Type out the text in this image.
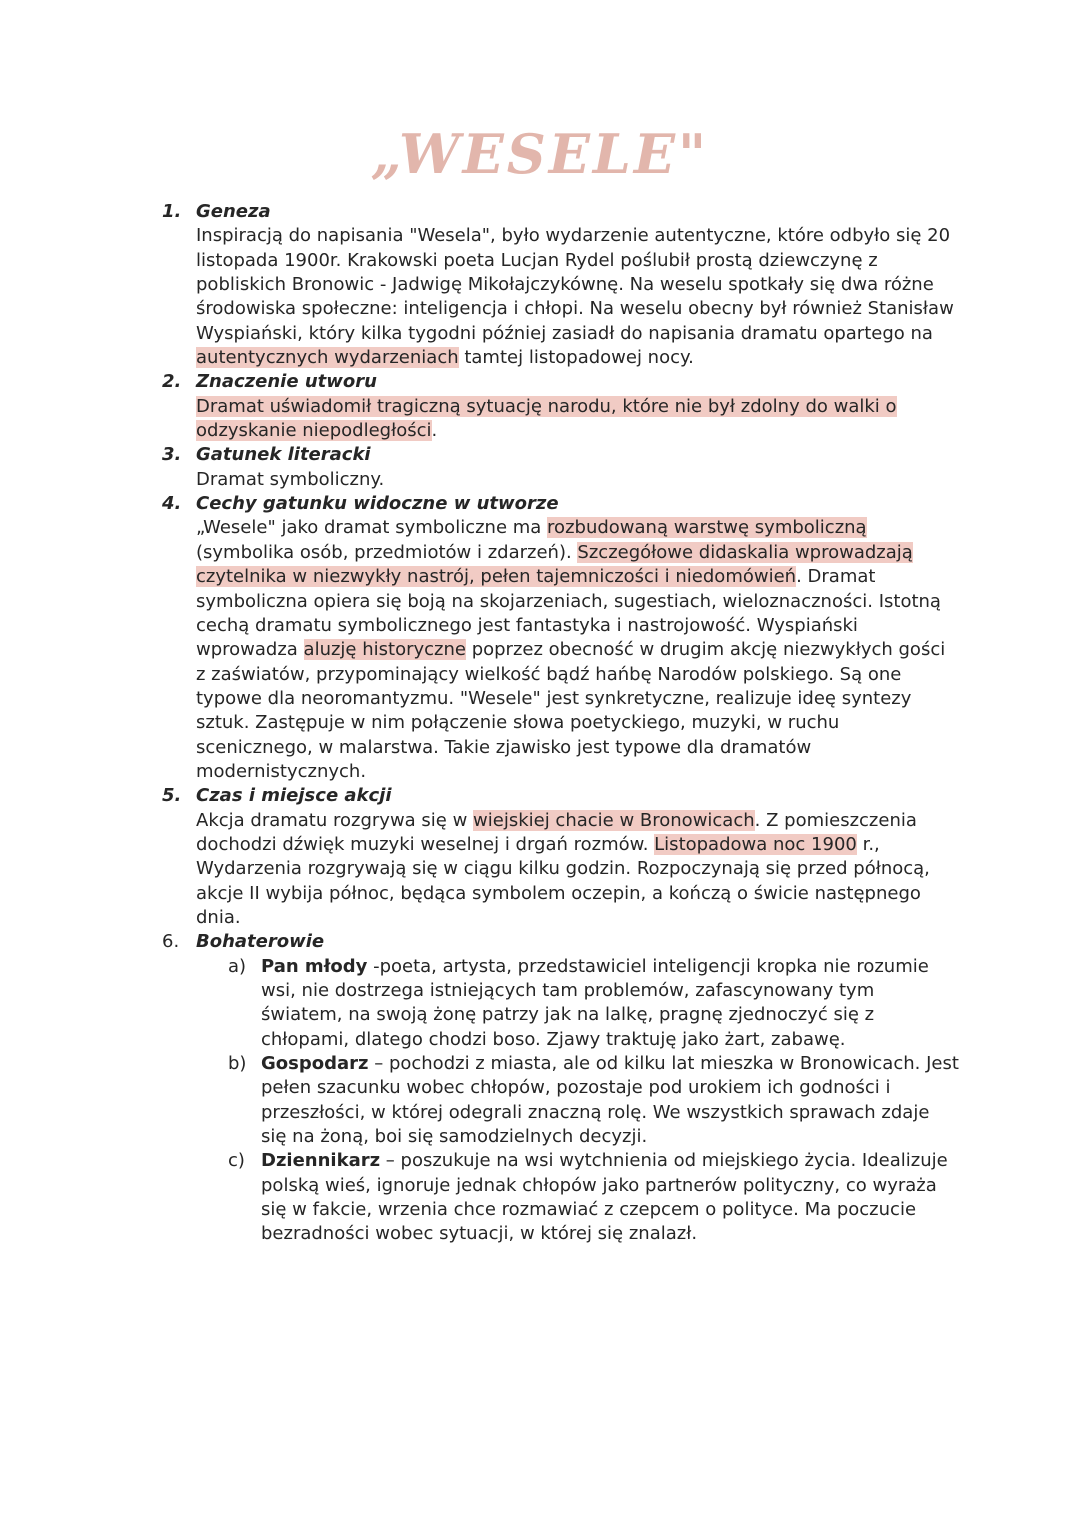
„WESELE"
1. Geneza
Inspiracją do napisania "Wesela", było wydarzenie autentyczne, które odbyło się 20 listopada 1900r. Krakowski poeta Lucjan Rydel poślubił prostą dziewczynę z pobliskich Bronowic - Jadwigę Mikołajczykównę. Na weselu spotkały się dwa różne środowiska społeczne: inteligencja i chłopi. Na weselu obecny był również Stanisław Wyspiański, który kilka tygodni później zasiadł do napisania dramatu opartego na autentycznych wydarzeniach tamtej listopadowej nocy.
2. Znaczenie utworu
Dramat uświadomił tragiczną sytuację narodu, które nie był zdolny do walki o odzyskanie niepodległości.
3. Gatunek literacki
Dramat symboliczny.
4. Cechy gatunku widoczne w utworze
„Wesele" jako dramat symboliczne ma rozbudowaną warstwę symboliczną (symbolika osób, przedmiotów i zdarzeń). Szczegółowe didaskalia wprowadzają czytelnika w niezwykły nastrój, pełen tajemniczości i niedomówień. Dramat symboliczna opiera się boją na skojarzeniach, sugestiach, wieloznaczności. Istotną cechą dramatu symbolicznego jest fantastyka i nastrojowość. Wyspiański wprowadza aluzję historyczne poprzez obecność w drugim akcję niezwykłych gości z zaświatów, przypominający wielkość bądź hańbę Narodów polskiego. Są one typowe dla neoromantyzmu. "Wesele" jest synkretyczne, realizuje ideę syntezy sztuk. Zastępuje w nim połączenie słowa poetyckiego, muzyki, w ruchu scenicznego, w malarstwa. Takie zjawisko jest typowe dla dramatów modernistycznych.
5. Czas i miejsce akcji
Akcja dramatu rozgrywa się w wiejskiej chacie w Bronowicach. Z pomieszczenia dochodzi dźwięk muzyki weselnej i drgań rozmów. Listopadowa noc 1900 r., Wydarzenia rozgrywają się w ciągu kilku godzin. Rozpoczynają się przed północą, akcje II wybija północ, będąca symbolem oczepin, a kończą o świcie następnego dnia.
6. Bohaterowie
a) Pan młody -poeta, artysta, przedstawiciel inteligencji kropka nie rozumie wsi, nie dostrzega istniejących tam problemów, zafascynowany tym światem, na swoją żonę patrzy jak na lalkę, pragnę zjednoczyć się z chłopami, dlatego chodzi boso. Zjawy traktuję jako żart, zabawę.
b) Gospodarz – pochodzi z miasta, ale od kilku lat mieszka w Bronowicach. Jest pełen szacunku wobec chłopów, pozostaje pod urokiem ich godności i przeszłości, w której odegrali znaczną rolę. We wszystkich sprawach zdaje się na żoną, boi się samodzielnych decyzji.
c) Dziennikarz – poszukuje na wsi wytchnienia od miejskiego życia. Idealizuje polską wieś, ignoruje jednak chłopów jako partnerów polityczny, co wyraża się w fakcie, wrzenia chce rozmawiać z czepcem o polityce. Ma poczucie bezradności wobec sytuacji, w której się znalazł.
